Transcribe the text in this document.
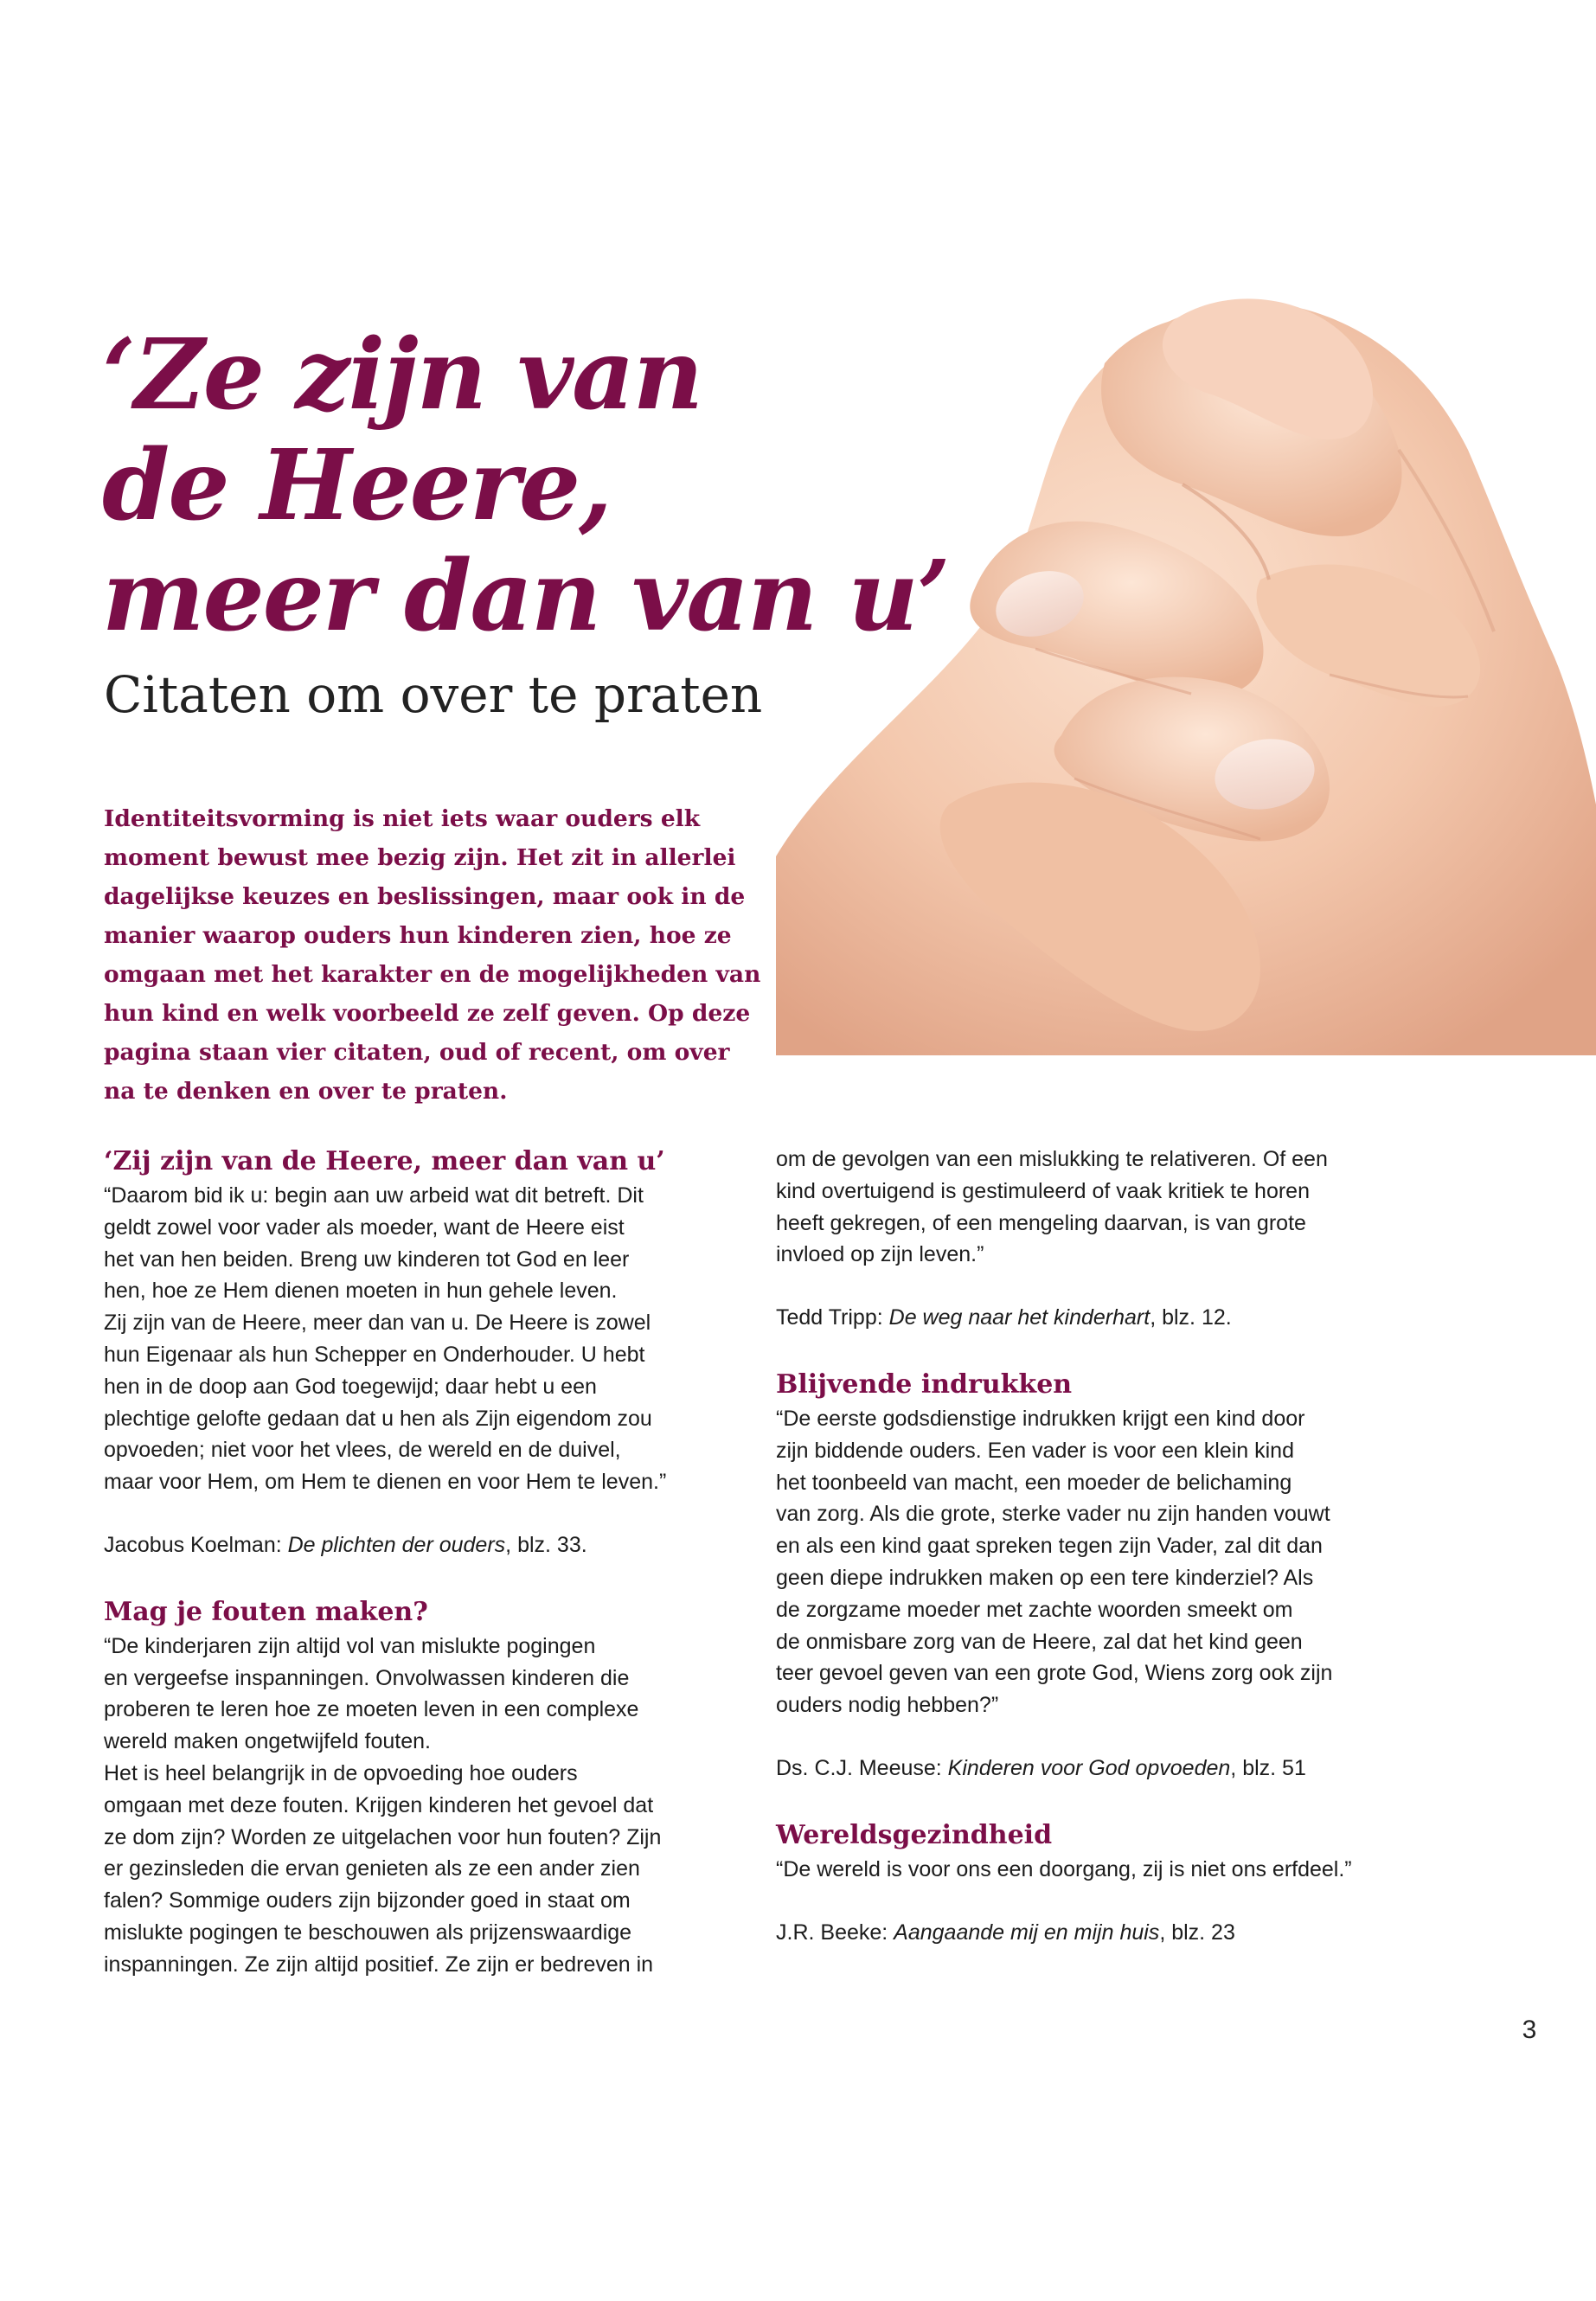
‘Ze zijn van
de Heere,
meer dan van u’
Citaten om over te praten

Identiteitsvorming is niet iets waar ouders elk
moment bewust mee bezig zijn. Het zit in allerlei
dagelijkse keuzes en beslissingen, maar ook in de
manier waarop ouders hun kinderen zien, hoe ze
omgaan met het karakter en de mogelijkheden van
hun kind en welk voorbeeld ze zelf geven. Op deze
pagina staan vier citaten, oud of recent, om over
na te denken en over te praten.

‘Zij zijn van de Heere, meer dan van u’

“Daarom bid ik u: begin aan uw arbeid wat dit betreft. Dit
geldt zowel voor vader als moeder, want de Heere eist
het van hen beiden. Breng uw kinderen tot God en leer
hen, hoe ze Hem dienen moeten in hun gehele leven.
Zij zijn van de Heere, meer dan van u. De Heere is zowel
hun Eigenaar als hun Schepper en Onderhouder. U hebt
hen in de doop aan God toegewijd; daar hebt u een
plechtige gelofte gedaan dat u hen als Zijn eigendom zou
opvoeden; niet voor het vlees, de wereld en de duivel,
maar voor Hem, om Hem te dienen en voor Hem te leven.”

Jacobus Koelman: De plichten der ouders, blz. 33.

Mag je fouten maken?

“De kinderjaren zijn altijd vol van mislukte pogingen
en vergeefse inspanningen. Onvolwassen kinderen die
proberen te leren hoe ze moeten leven in een complexe
wereld maken ongetwijfeld fouten.
Het is heel belangrijk in de opvoeding hoe ouders
omgaan met deze fouten. Krijgen kinderen het gevoel dat
ze dom zijn? Worden ze uitgelachen voor hun fouten? Zijn
er gezinsleden die ervan genieten als ze een ander zien
falen? Sommige ouders zijn bijzonder goed in staat om
mislukte pogingen te beschouwen als prijzenswaardige
inspanningen. Ze zijn altijd positief. Ze zijn er bedreven in

om de gevolgen van een mislukking te relativeren. Of een
kind overtuigend is gestimuleerd of vaak kritiek te horen
heeft gekregen, of een mengeling daarvan, is van grote
invloed op zijn leven.”

Tedd Tripp: De weg naar het kinderhart, blz. 12.

Blijvende indrukken

“De eerste godsdienstige indrukken krijgt een kind door
zijn biddende ouders. Een vader is voor een klein kind
het toonbeeld van macht, een moeder de belichaming
van zorg. Als die grote, sterke vader nu zijn handen vouwt
en als een kind gaat spreken tegen zijn Vader, zal dit dan
geen diepe indrukken maken op een tere kinderziel? Als
de zorgzame moeder met zachte woorden smeekt om
de onmisbare zorg van de Heere, zal dat het kind geen
teer gevoel geven van een grote God, Wiens zorg ook zijn
ouders nodig hebben?”

Ds. C.J. Meeuse: Kinderen voor God opvoeden, blz. 51

Wereldsgezindheid

“De wereld is voor ons een doorgang, zij is niet ons erfdeel.”

J.R. Beeke: Aangaande mij en mijn huis, blz. 23

3
